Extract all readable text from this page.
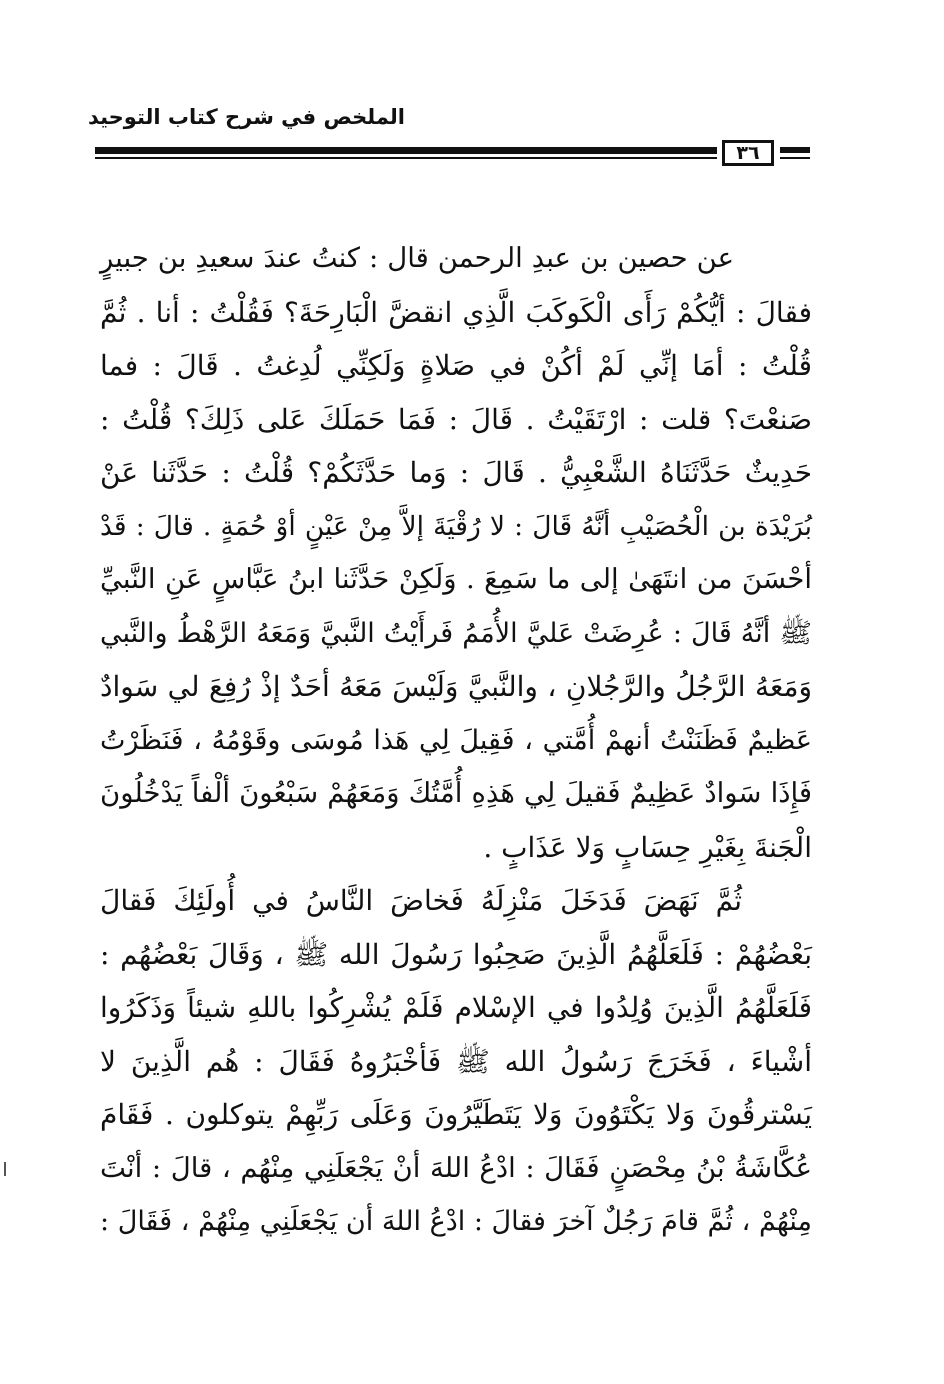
الملخص في شرح كتاب التوحيد
٣٦
عن حصين بن عبدِ الرحمن قال : كنتُ عندَ سعيدِ بن جبيرٍ
فقالَ : أيُّكُمْ رَأَى الْكَوكَبَ الَّذِي انقضَّ الْبَارِحَةَ؟ فَقُلْتُ : أنا . ثُمَّ
قُلْتُ : أمَا إنِّي لَمْ أكُنْ في صَلاةٍ وَلَكِنِّي لُدِغتُ . قَالَ : فما
صَنعْتَ؟ قلت : ارْتَقَيْتُ . قَالَ : فَمَا حَمَلَكَ عَلى ذَلِكَ؟ قُلْتُ :
حَدِيثٌ حَدَّثَنَاهُ الشَّعْبِيُّ . قَالَ : وَما حَدَّثَكُمْ؟ قُلْتُ : حَدَّثَنا عَنْ
بُرَيْدَة بن الْحُصَيْبِ أنَّهُ قَالَ : لا رُقْيَةَ إلاَّ مِنْ عَيْنٍ أوْ حُمَةٍ . قالَ : قَدْ
أحْسَنَ من انتَهَىٰ إلى ما سَمِعَ . وَلَكِنْ حَدَّثَنا ابنُ عَبَّاسٍ عَنِ النَّبيِّ
ﷺ أنَّهُ قَالَ : عُرِضَتْ عَليَّ الأُمَمُ فَرأَيْتُ النَّبيَّ وَمَعَهُ الرَّهْطُ والنَّبي
وَمَعَهُ الرَّجُلُ والرَّجُلانِ ، والنَّبيَّ وَلَيْسَ مَعَهُ أحَدٌ إذْ رُفِعَ لي سَوادٌ
عَظيمٌ فَظَنَنْتُ أنهمْ أُمَّتي ، فَقِيلَ لِي هَذا مُوسَى وقَوْمُهُ ، فَنَظَرْتُ
فَإِذَا سَوادٌ عَظِيمٌ فَقيلَ لِي هَذِهِ أُمَّتُكَ وَمَعَهُمْ سَبْعُونَ ألْفاً يَدْخُلُونَ
الْجَنةَ بِغَيْرِ حِسَابٍ وَلا عَذَابٍ .
ثُمَّ نَهَضَ فَدَخَلَ مَنْزِلَهُ فَخاضَ النَّاسُ في أُولَئِكَ فَقالَ
بَعْضُهُمْ : فَلَعَلَّهُمُ الَّذِينَ صَحِبُوا رَسُولَ الله ﷺ ، وَقَالَ بَعْضُهُم :
فَلَعَلَّهُمُ الَّذِينَ وُلِدُوا في الإسْلام فَلَمْ يُشْرِكُوا باللهِ شيئاً وَذَكَرُوا
أشْياءَ ، فَخَرَجَ رَسُولُ الله ﷺ فَأخْبَرُوهُ فَقَالَ : هُم الَّذِينَ لا
يَسْترقُونَ وَلا يَكْتَوُونَ وَلا يَتَطَيَّرُونَ وَعَلَى رَبِّهِمْ يتوكلون . فَقَامَ
عُكَّاشَةُ بْنُ مِحْصَنٍ فَقَالَ : ادْعُ اللهَ أنْ يَجْعَلَنِي مِنْهُم ، قالَ : أنْتَ
مِنْهُمْ ، ثُمَّ قامَ رَجُلٌ آخرَ فقالَ : ادْعُ اللهَ أن يَجْعَلَنِي مِنْهُمْ ، فَقَالَ :
